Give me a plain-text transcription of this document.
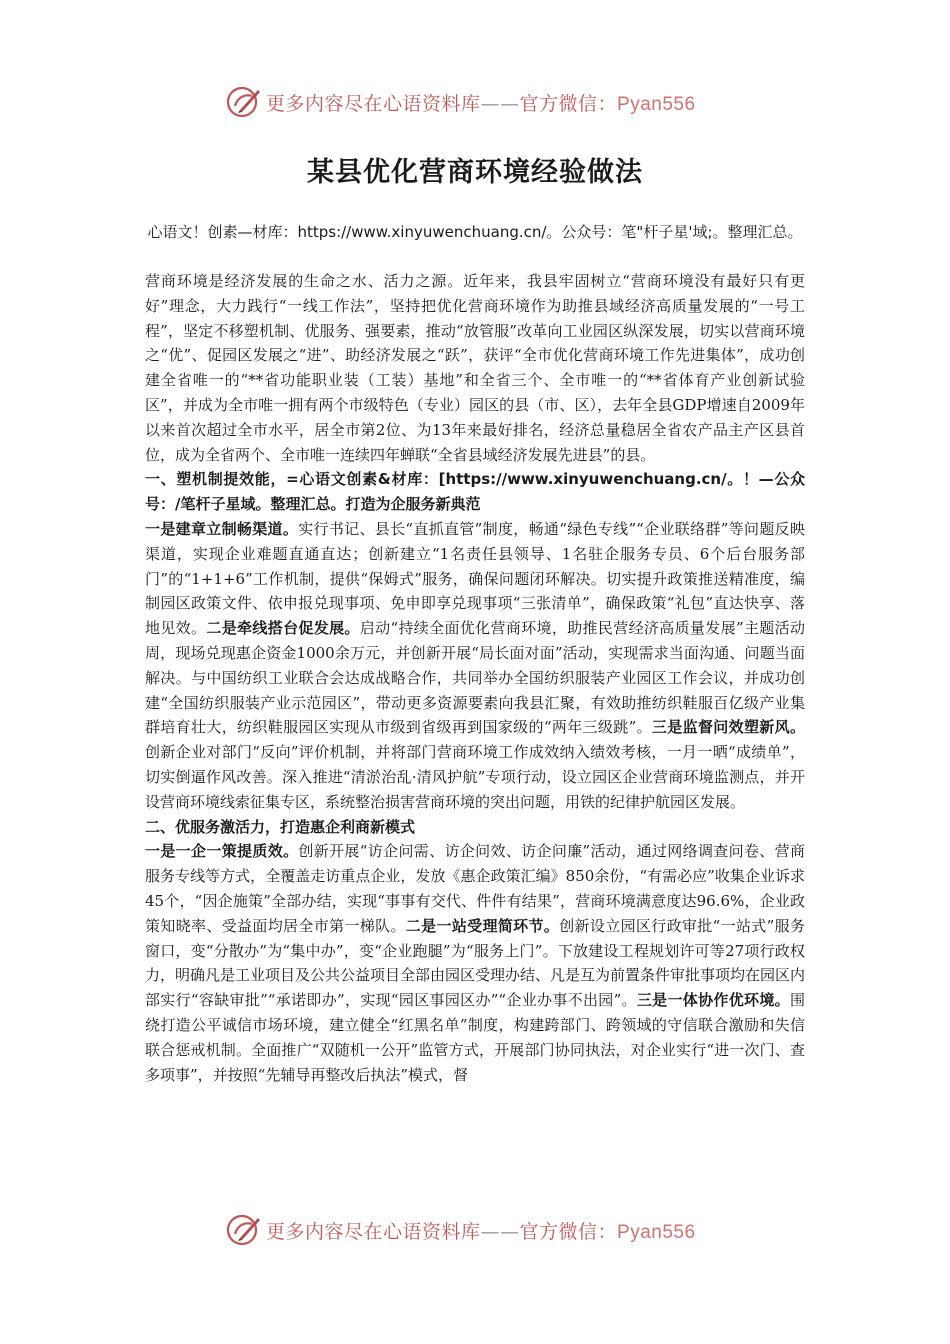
更多内容尽在心语资料库——官方微信：Pyan556
某县优化营商环境经验做法

心语文！创素—材库：https://www.xinyuwenchuang.cn/。公众号：笔"杆子星'域;。整理汇总。

营商环境是经济发展的生命之水、活力之源。近年来，我县牢固树立“营商环境没有最好只有更好”理念，大力践行“一线工作法”，坚持把优化营商环境作为助推县域经济高质量发展的“一号工程”，坚定不移塑机制、优服务、强要素，推动“放管服”改革向工业园区纵深发展，切实以营商环境之“优”、促园区发展之“进”、助经济发展之“跃”，获评“全市优化营商环境工作先进集体”，成功创建全省唯一的“**省功能职业装（工装）基地”和全省三个、全市唯一的“**省体育产业创新试验区”，并成为全市唯一拥有两个市级特色（专业）园区的县（市、区），去年全县GDP增速自2009年以来首次超过全市水平，居全市第2位、为13年来最好排名，经济总量稳居全省农产品主产区县首位，成为全省两个、全市唯一连续四年蝉联“全省县域经济发展先进县”的县。

一、塑机制提效能，=心语文创素&材库：[https://www.xinyuwenchuang.cn/。！—公众号：/笔杆子星域。整理汇总。打造为企服务新典范

一是建章立制畅渠道。实行书记、县长“直抓直管”制度，畅通“绿色专线”“企业联络群”等问题反映渠道，实现企业难题直通直达；创新建立“1名责任县领导、1名驻企服务专员、6个后台服务部门”的“1+1+6”工作机制，提供“保姆式”服务，确保问题闭环解决。切实提升政策推送精准度，编制园区政策文件、依申报兑现事项、免申即享兑现事项“三张清单”，确保政策“礼包”直达快享、落地见效。二是牵线搭台促发展。启动“持续全面优化营商环境，助推民营经济高质量发展”主题活动周，现场兑现惠企资金1000余万元，并创新开展“局长面对面”活动，实现需求当面沟通、问题当面解决。与中国纺织工业联合会达成战略合作，共同举办全国纺织服装产业园区工作会议，并成功创建“全国纺织服装产业示范园区”，带动更多资源要素向我县汇聚，有效助推纺织鞋服百亿级产业集群培育壮大，纺织鞋服园区实现从市级到省级再到国家级的“两年三级跳”。三是监督问效塑新风。创新企业对部门“反向”评价机制，并将部门营商环境工作成效纳入绩效考核，一月一晒“成绩单”，切实倒逼作风改善。深入推进“清淤治乱·清风护航”专项行动，设立园区企业营商环境监测点，并开设营商环境线索征集专区，系统整治损害营商环境的突出问题，用铁的纪律护航园区发展。

二、优服务激活力，打造惠企利商新模式

一是一企一策提质效。创新开展“访企问需、访企问效、访企问廉”活动，通过网络调查问卷、营商服务专线等方式，全覆盖走访重点企业，发放《惠企政策汇编》850余份，“有需必应”收集企业诉求45个，“因企施策”全部办结，实现“事事有交代、件件有结果”，营商环境满意度达96.6%，企业政策知晓率、受益面均居全市第一梯队。二是一站受理简环节。创新设立园区行政审批“一站式”服务窗口，变“分散办”为“集中办”，变“企业跑腿”为“服务上门”。下放建设工程规划许可等27项行政权力，明确凡是工业项目及公共公益项目全部由园区受理办结、凡是互为前置条件审批事项均在园区内部实行“容缺审批”“承诺即办”，实现“园区事园区办”“企业办事不出园”。三是一体协作优环境。围绕打造公平诚信市场环境，建立健全“红黑名单”制度，构建跨部门、跨领域的守信联合激励和失信联合惩戒机制。全面推广“双随机一公开”监管方式，开展部门协同执法，对企业实行“进一次门、查多项事”，并按照“先辅导再整改后执法”模式，督

更多内容尽在心语资料库——官方微信：Pyan556
